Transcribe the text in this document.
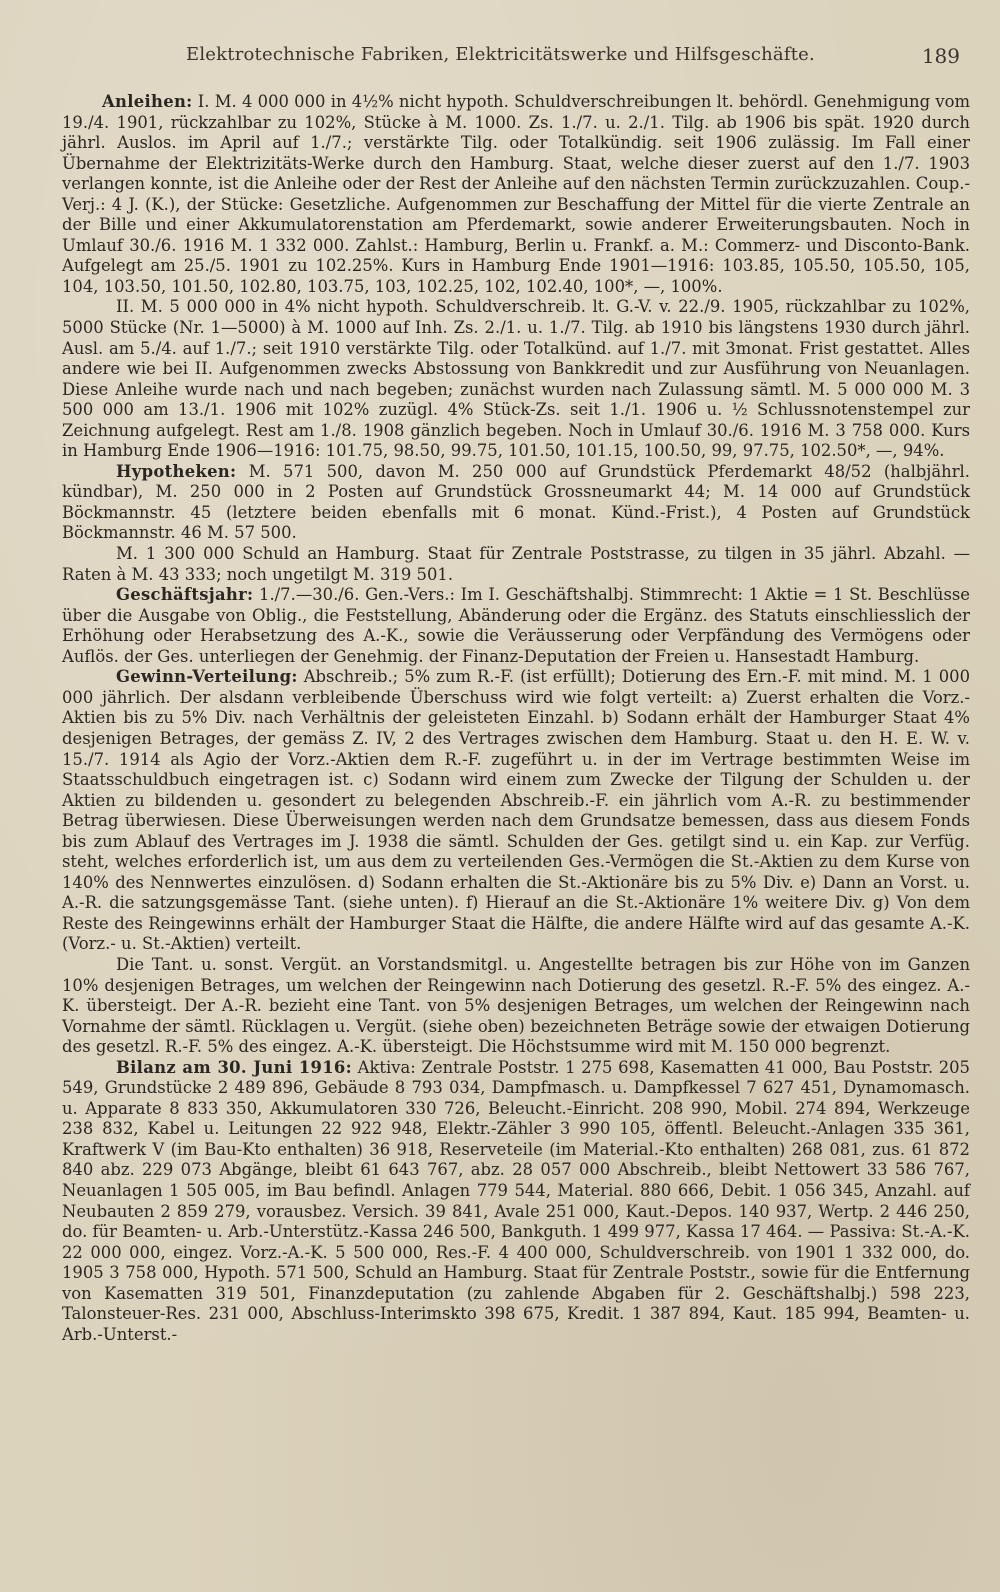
Elektrotechnische Fabriken, Elektricitätswerke und Hilfsgeschäfte.	189

Anleihen: I. M. 4 000 000 in 4½% nicht hypoth. Schuldverschreibungen lt. behördl. Genehmigung vom 19./4. 1901, rückzahlbar zu 102%, Stücke à M. 1000. Zs. 1./7. u. 2./1. Tilg. ab 1906 bis spät. 1920 durch jährl. Auslos. im April auf 1./7.; verstärkte Tilg. oder Totalkündig. seit 1906 zulässig. Im Fall einer Übernahme der Elektrizitäts-Werke durch den Hamburg. Staat, welche dieser zuerst auf den 1./7. 1903 verlangen konnte, ist die Anleihe oder der Rest der Anleihe auf den nächsten Termin zurückzuzahlen. Coup.-Verj.: 4 J. (K.), der Stücke: Gesetzliche. Aufgenommen zur Beschaffung der Mittel für die vierte Zentrale an der Bille und einer Akkumulatorenstation am Pferdemarkt, sowie anderer Erweiterungsbauten. Noch in Umlauf 30./6. 1916 M. 1 332 000. Zahlst.: Hamburg, Berlin u. Frankf. a. M.: Commerz- und Disconto-Bank. Aufgelegt am 25./5. 1901 zu 102.25%. Kurs in Hamburg Ende 1901—1916: 103.85, 105.50, 105.50, 105, 104, 103.50, 101.50, 102.80, 103.75, 103, 102.25, 102, 102.40, 100*, —, 100%.

II. M. 5 000 000 in 4% nicht hypoth. Schuldverschreib. lt. G.-V. v. 22./9. 1905, rückzahlbar zu 102%, 5000 Stücke (Nr. 1—5000) à M. 1000 auf Inh. Zs. 2./1. u. 1./7. Tilg. ab 1910 bis längstens 1930 durch jährl. Ausl. am 5./4. auf 1./7.; seit 1910 verstärkte Tilg. oder Totalkünd. auf 1./7. mit 3monat. Frist gestattet. Alles andere wie bei II. Aufgenommen zwecks Abstossung von Bankkredit und zur Ausführung von Neuanlagen. Diese Anleihe wurde nach und nach begeben; zunächst wurden nach Zulassung sämtl. M. 5 000 000 M. 3 500 000 am 13./1. 1906 mit 102% zuzügl. 4% Stück-Zs. seit 1./1. 1906 u. ½ Schlussnotenstempel zur Zeichnung aufgelegt. Rest am 1./8. 1908 gänzlich begeben. Noch in Umlauf 30./6. 1916 M. 3 758 000. Kurs in Hamburg Ende 1906—1916: 101.75, 98.50, 99.75, 101.50, 101.15, 100.50, 99, 97.75, 102.50*, —, 94%.

Hypotheken: M. 571 500, davon M. 250 000 auf Grundstück Pferdemarkt 48/52 (halbjährl. kündbar), M. 250 000 in 2 Posten auf Grundstück Grossneumarkt 44; M. 14 000 auf Grundstück Böckmannstr. 45 (letztere beiden ebenfalls mit 6 monat. Künd.-Frist.), 4 Posten auf Grundstück Böckmannstr. 46 M. 57 500.

M. 1 300 000 Schuld an Hamburg. Staat für Zentrale Poststrasse, zu tilgen in 35 jährl. Abzahl. — Raten à M. 43 333; noch ungetilgt M. 319 501.

Geschäftsjahr: 1./7.—30./6. Gen.-Vers.: Im I. Geschäftshalbj. Stimmrecht: 1 Aktie = 1 St. Beschlüsse über die Ausgabe von Oblig., die Feststellung, Abänderung oder die Ergänz. des Statuts einschliesslich der Erhöhung oder Herabsetzung des A.-K., sowie die Veräusserung oder Verpfändung des Vermögens oder Auflös. der Ges. unterliegen der Genehmig. der Finanz-Deputation der Freien u. Hansestadt Hamburg.

Gewinn-Verteilung: Abschreib.; 5% zum R.-F. (ist erfüllt); Dotierung des Ern.-F. mit mind. M. 1 000 000 jährlich. Der alsdann verbleibende Überschuss wird wie folgt verteilt: a) Zuerst erhalten die Vorz.-Aktien bis zu 5% Div. nach Verhältnis der geleisteten Einzahl. b) Sodann erhält der Hamburger Staat 4% desjenigen Betrages, der gemäss Z. IV, 2 des Vertrages zwischen dem Hamburg. Staat u. den H. E. W. v. 15./7. 1914 als Agio der Vorz.-Aktien dem R.-F. zugeführt u. in der im Vertrage bestimmten Weise im Staatsschuldbuch eingetragen ist. c) Sodann wird einem zum Zwecke der Tilgung der Schulden u. der Aktien zu bildenden u. gesondert zu belegenden Abschreib.-F. ein jährlich vom A.-R. zu bestimmender Betrag überwiesen. Diese Überweisungen werden nach dem Grundsatze bemessen, dass aus diesem Fonds bis zum Ablauf des Vertrages im J. 1938 die sämtl. Schulden der Ges. getilgt sind u. ein Kap. zur Verfüg. steht, welches erforderlich ist, um aus dem zu verteilenden Ges.-Vermögen die St.-Aktien zu dem Kurse von 140% des Nennwertes einzulösen. d) Sodann erhalten die St.-Aktionäre bis zu 5% Div. e) Dann an Vorst. u. A.-R. die satzungsgemässe Tant. (siehe unten). f) Hierauf an die St.-Aktionäre 1% weitere Div. g) Von dem Reste des Reingewinns erhält der Hamburger Staat die Hälfte, die andere Hälfte wird auf das gesamte A.-K. (Vorz.- u. St.-Aktien) verteilt.

Die Tant. u. sonst. Vergüt. an Vorstandsmitgl. u. Angestellte betragen bis zur Höhe von im Ganzen 10% desjenigen Betrages, um welchen der Reingewinn nach Dotierung des gesetzl. R.-F. 5% des eingez. A.-K. übersteigt. Der A.-R. bezieht eine Tant. von 5% desjenigen Betrages, um welchen der Reingewinn nach Vornahme der sämtl. Rücklagen u. Vergüt. (siehe oben) bezeichneten Beträge sowie der etwaigen Dotierung des gesetzl. R.-F. 5% des eingez. A.-K. übersteigt. Die Höchstsumme wird mit M. 150 000 begrenzt.

Bilanz am 30. Juni 1916: Aktiva: Zentrale Poststr. 1 275 698, Kasematten 41 000, Bau Poststr. 205 549, Grundstücke 2 489 896, Gebäude 8 793 034, Dampfmasch. u. Dampfkessel 7 627 451, Dynamomasch. u. Apparate 8 833 350, Akkumulatoren 330 726, Beleucht.-Einricht. 208 990, Mobil. 274 894, Werkzeuge 238 832, Kabel u. Leitungen 22 922 948, Elektr.-Zähler 3 990 105, öffentl. Beleucht.-Anlagen 335 361, Kraftwerk V (im Bau-Kto enthalten) 36 918, Reserveteile (im Material.-Kto enthalten) 268 081, zus. 61 872 840 abz. 229 073 Abgänge, bleibt 61 643 767, abz. 28 057 000 Abschreib., bleibt Nettowert 33 586 767, Neuanlagen 1 505 005, im Bau befindl. Anlagen 779 544, Material. 880 666, Debit. 1 056 345, Anzahl. auf Neubauten 2 859 279, vorausbez. Versich. 39 841, Avale 251 000, Kaut.-Depos. 140 937, Wertp. 2 446 250, do. für Beamten- u. Arb.-Unterstütz.-Kassa 246 500, Bankguth. 1 499 977, Kassa 17 464. — Passiva: St.-A.-K. 22 000 000, eingez. Vorz.-A.-K. 5 500 000, Res.-F. 4 400 000, Schuldverschreib. von 1901 1 332 000, do. 1905 3 758 000, Hypoth. 571 500, Schuld an Hamburg. Staat für Zentrale Poststr., sowie für die Entfernung von Kasematten 319 501, Finanzdeputation (zu zahlende Abgaben für 2. Geschäftshalbj.) 598 223, Talonsteuer-Res. 231 000, Abschluss-Interimskto 398 675, Kredit. 1 387 894, Kaut. 185 994, Beamten- u. Arb.-Unterst.-
